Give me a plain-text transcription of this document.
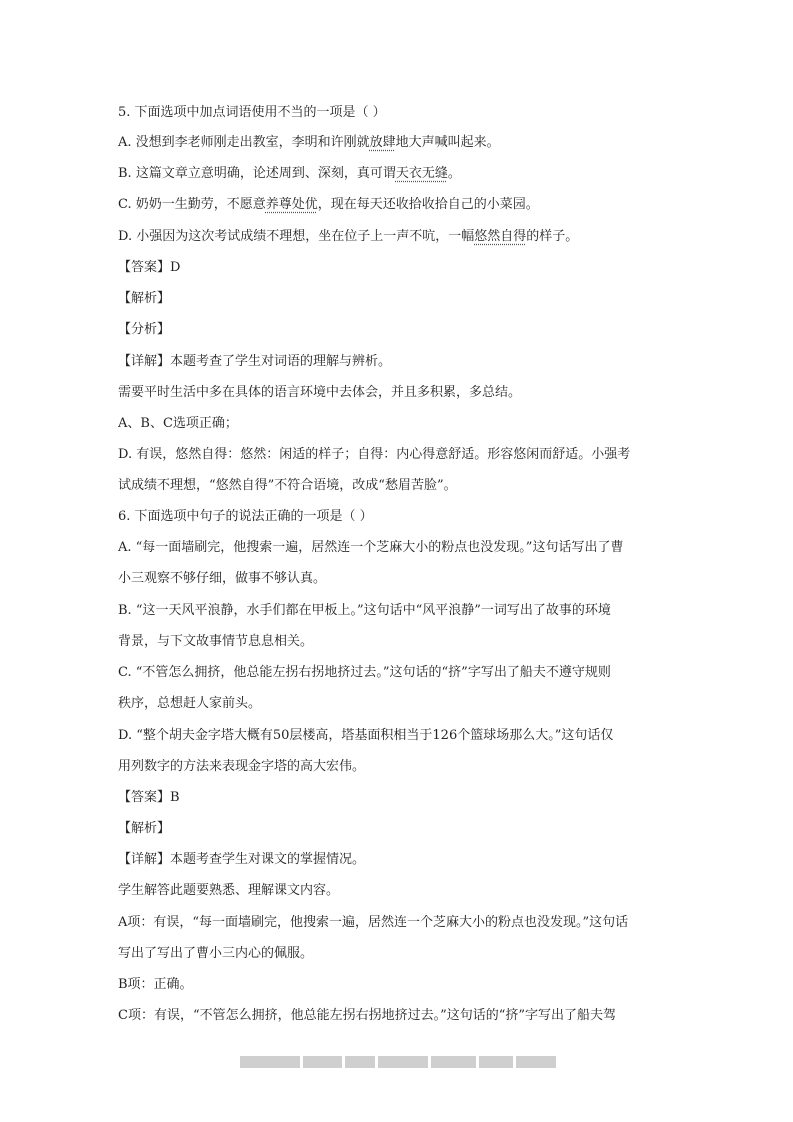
5. 下面选项中加点词语使用不当的一项是（ ）
A. 没想到李老师刚走出教室，李明和许刚就放肆地大声喊叫起来。
B. 这篇文章立意明确，论述周到、深刻，真可谓天衣无缝。
C. 奶奶一生勤劳，不愿意养尊处优，现在每天还收拾收拾自己的小菜园。
D. 小强因为这次考试成绩不理想，坐在位子上一声不吭，一幅悠然自得的样子。
【答案】D
【解析】
【分析】
【详解】本题考查了学生对词语的理解与辨析。
需要平时生活中多在具体的语言环境中去体会，并且多积累，多总结。
A、B、C选项正确；
D. 有误，悠然自得：悠然：闲适的样子；自得：内心得意舒适。形容悠闲而舒适。小强考
试成绩不理想，“悠然自得”不符合语境，改成“愁眉苦脸”。
6. 下面选项中句子的说法正确的一项是（ ）
A. “每一面墙刷完，他搜索一遍，居然连一个芝麻大小的粉点也没发现。”这句话写出了曹
小三观察不够仔细，做事不够认真。
B. “这一天风平浪静，水手们都在甲板上。”这句话中“风平浪静”一词写出了故事的环境
背景，与下文故事情节息息相关。
C. “不管怎么拥挤，他总能左拐右拐地挤过去。”这句话的“挤”字写出了船夫不遵守规则
秩序，总想赶人家前头。
D. “整个胡夫金字塔大概有50层楼高，塔基面积相当于126个篮球场那么大。”这句话仅
用列数字的方法来表现金字塔的高大宏伟。
【答案】B
【解析】
【详解】本题考查学生对课文的掌握情况。
学生解答此题要熟悉、理解课文内容。
A项：有误，“每一面墙刷完，他搜索一遍，居然连一个芝麻大小的粉点也没发现。”这句话
写出了写出了曹小三内心的佩服。
B项：正确。
C项：有误，“不管怎么拥挤，他总能左拐右拐地挤过去。”这句话的“挤”字写出了船夫驾
